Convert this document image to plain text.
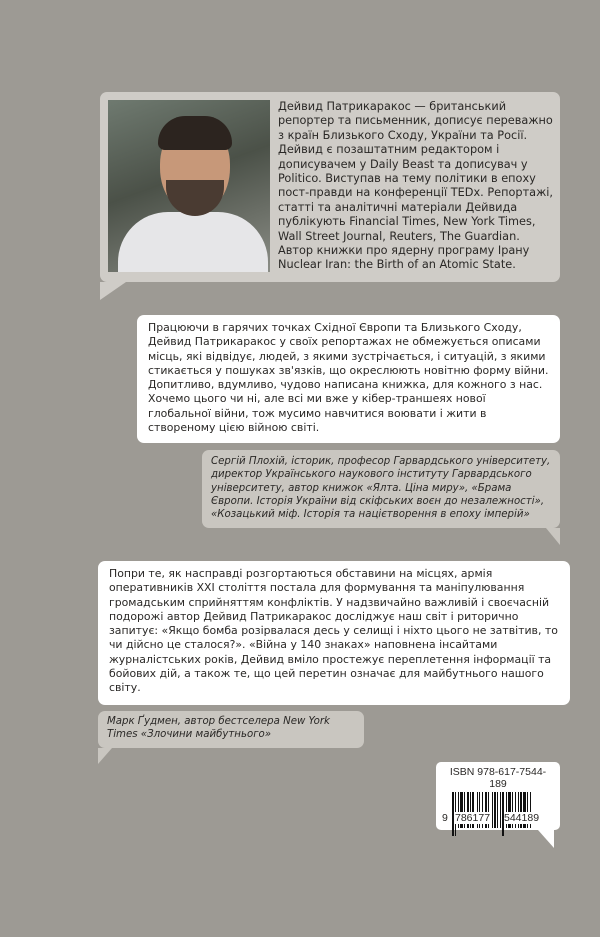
Дейвид Патрикаракос — британський репортер та письменник, дописує переважно з країн Близького Сходу, України та Росії. Дейвид є позаштатним редактором і дописувачем у Daily Beast та дописувач у Politico. Виступав на тему політики в епоху пост-правди на конференції TEDx. Репортажі, статті та аналітичні матеріали Дейвида публікують Financial Times, New York Times, Wall Street Journal, Reuters, The Guardian. Автор книжки про ядерну програму Ірану Nuclear Iran: the Birth of an Atomic State.

Працюючи в гарячих точках Східної Європи та Близького Сходу, Дейвид Патрикаракос у своїх репортажах не обмежується описами місць, які відвідує, людей, з якими зустрічається, і ситуацій, з якими стикається у пошуках зв'язків, що окреслюють новітню форму війни. Допитливо, вдумливо, чудово написана книжка, для кожного з нас. Хочемо цього чи ні, але всі ми вже у кібер-траншеях нової глобальної війни, тож мусимо навчитися воювати і жити в створеному цією війною світі.

Сергій Плохій, історик, професор Гарвардського університету, директор Українського наукового інституту Гарвардського університету, автор книжок «Ялта. Ціна миру», «Брама Європи. Історія України від скіфських воєн до незалежності», «Козацький міф. Історія та націєтворення в епоху імперій»

Попри те, як насправді розгортаються обставини на місцях, армія оперативників XXI століття постала для формування та маніпулювання громадським сприйняттям конфліктів. У надзвичайно важливій і своєчасній подорожі автор Дейвид Патрикаракос досліджує наш світ і риторично запитує: «Якщо бомба розірвалася десь у селищі і ніхто цього не затвітив, то чи дійсно це сталося?». «Війна у 140 знаках» наповнена інсайтами журналістських років, Дейвид вміло простежує переплетення інформації та бойових дій, а також те, що цей перетин означає для майбутнього нашого світу.

Марк Ґудмен, автор бестселера New York Times «Злочини майбутнього»

ISBN 978-617-7544-189
9 786177 544189
